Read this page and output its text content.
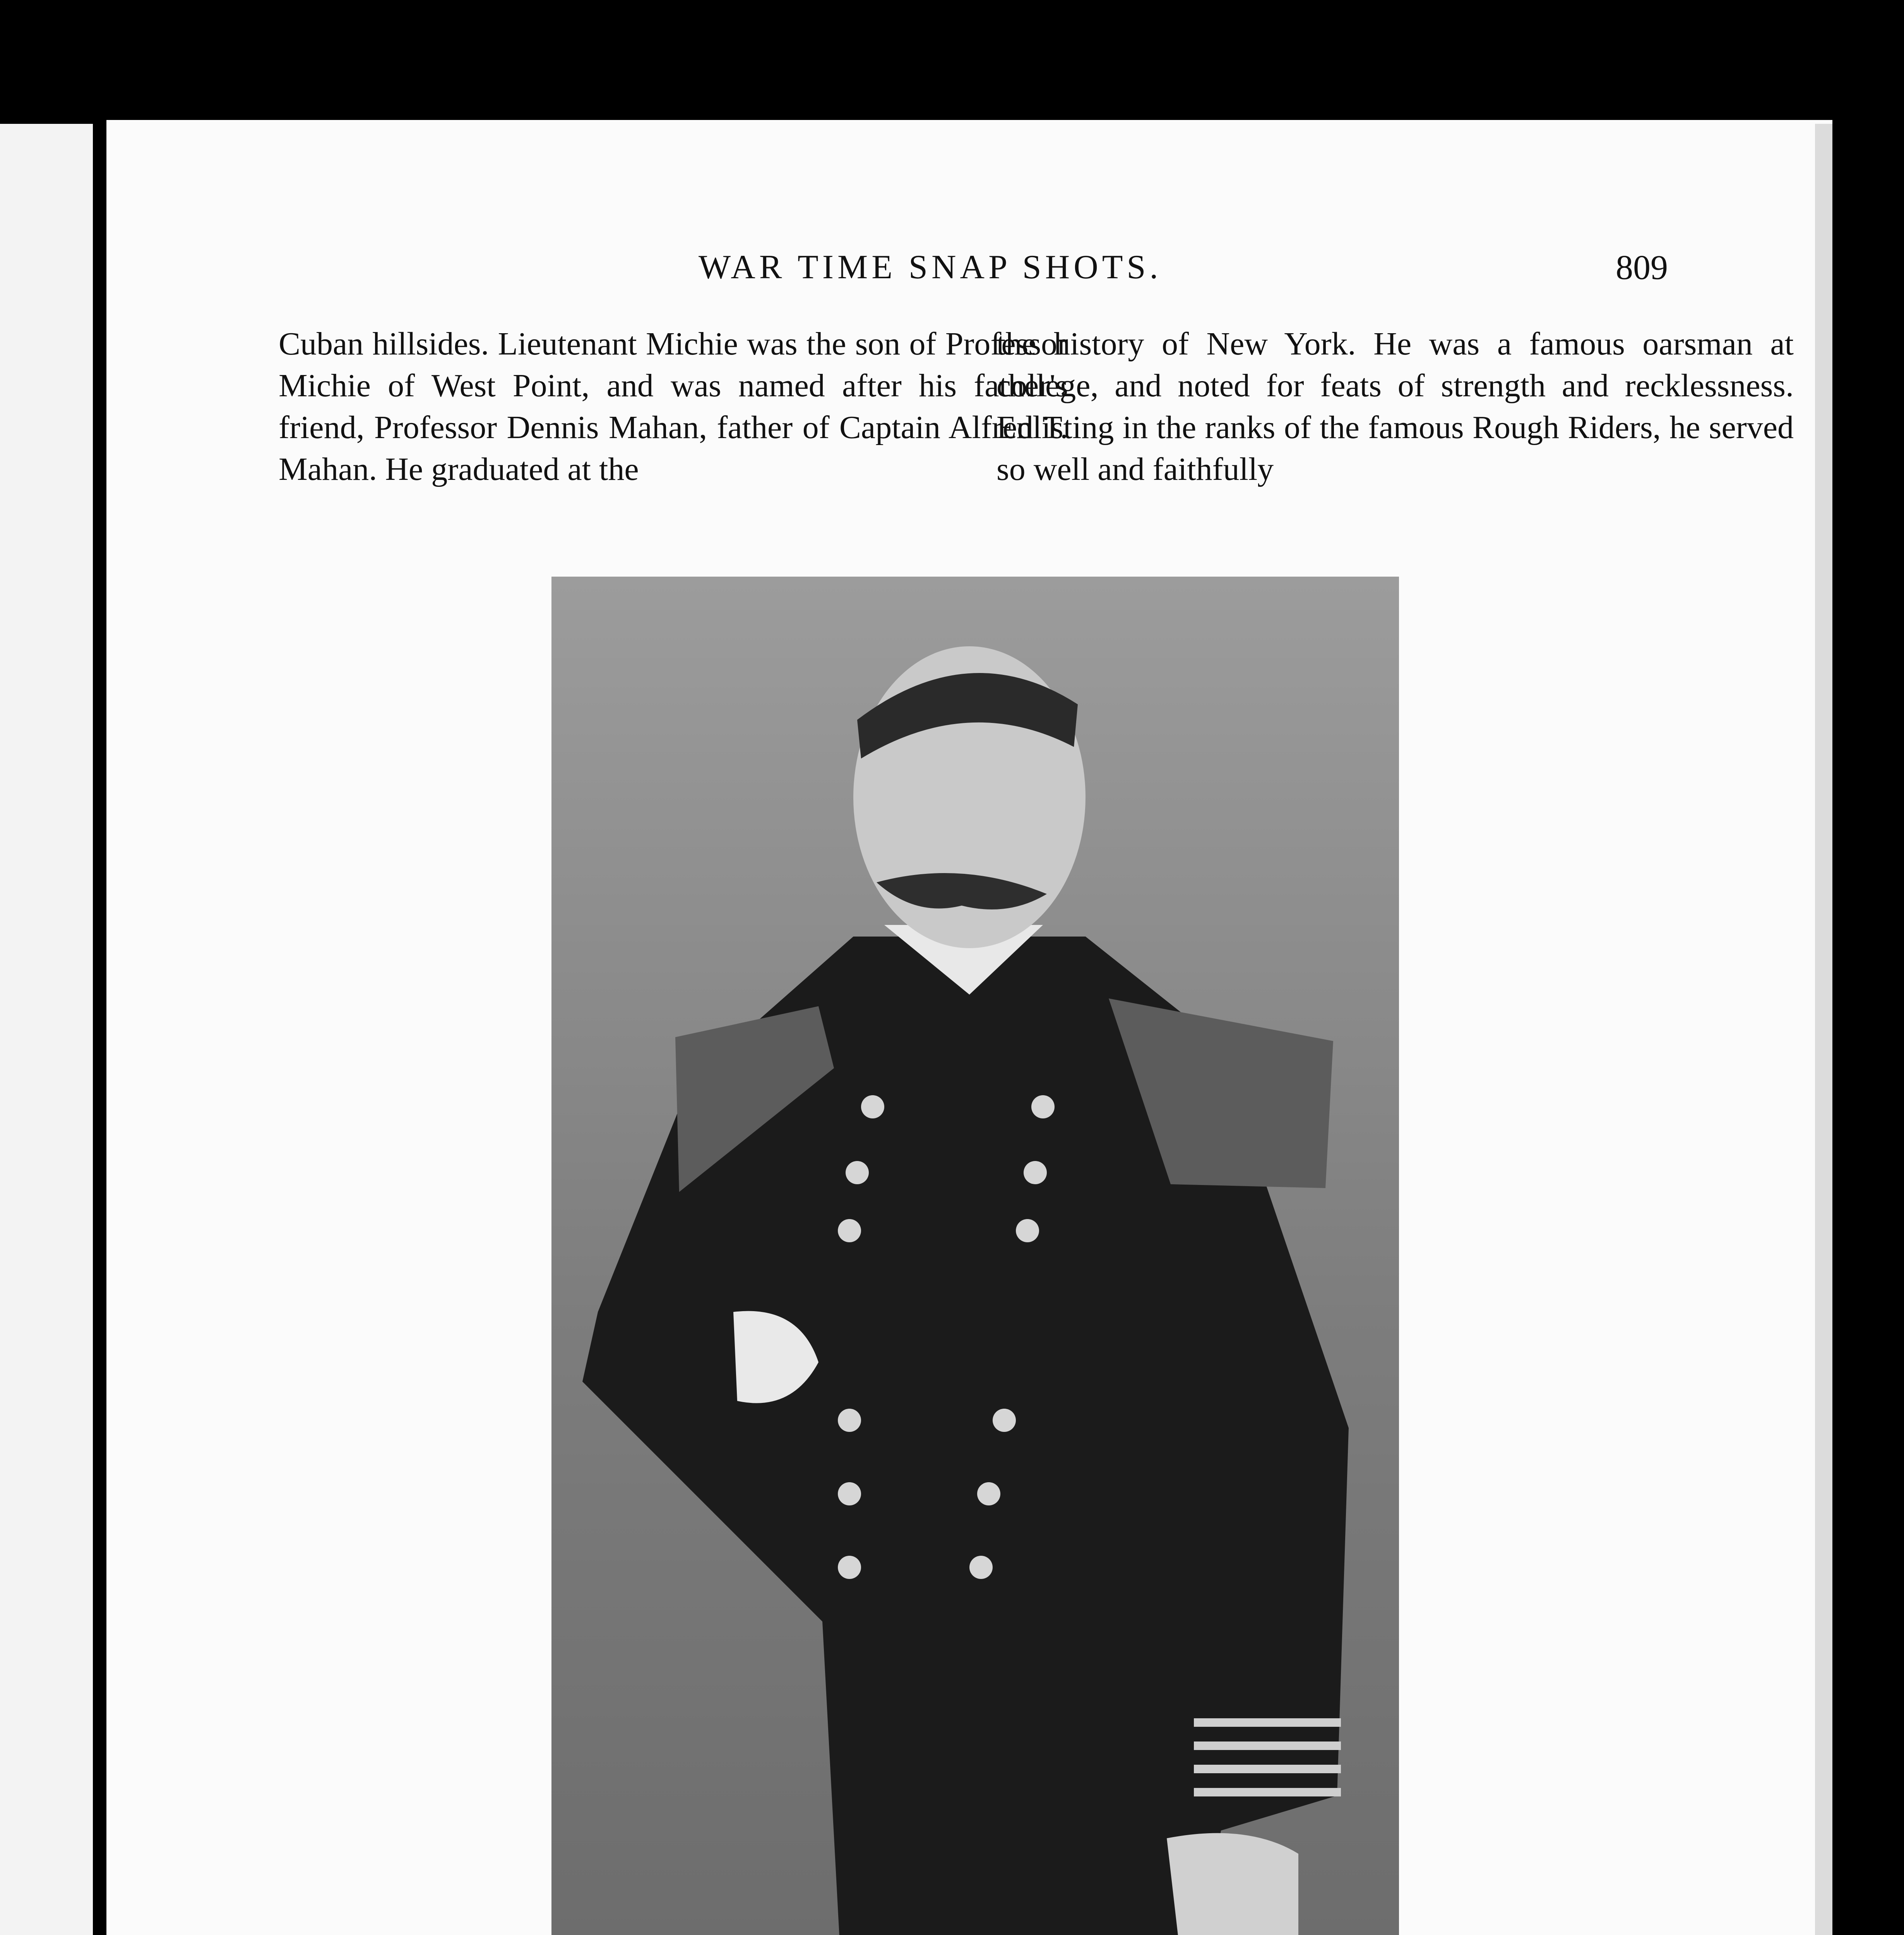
WAR TIME SNAP SHOTS.	809

Cuban hillsides. Lieutenant Michie was the son of Professor Michie of West Point, and was named after his father's friend, Professor Dennis Mahan, father of Captain Alfred T. Mahan. He graduated at the

the history of New York. He was a famous oarsman at college, and noted for feats of strength and recklessness. Enlisting in the ranks of the famous Rough Riders, he served so well and faithfully
